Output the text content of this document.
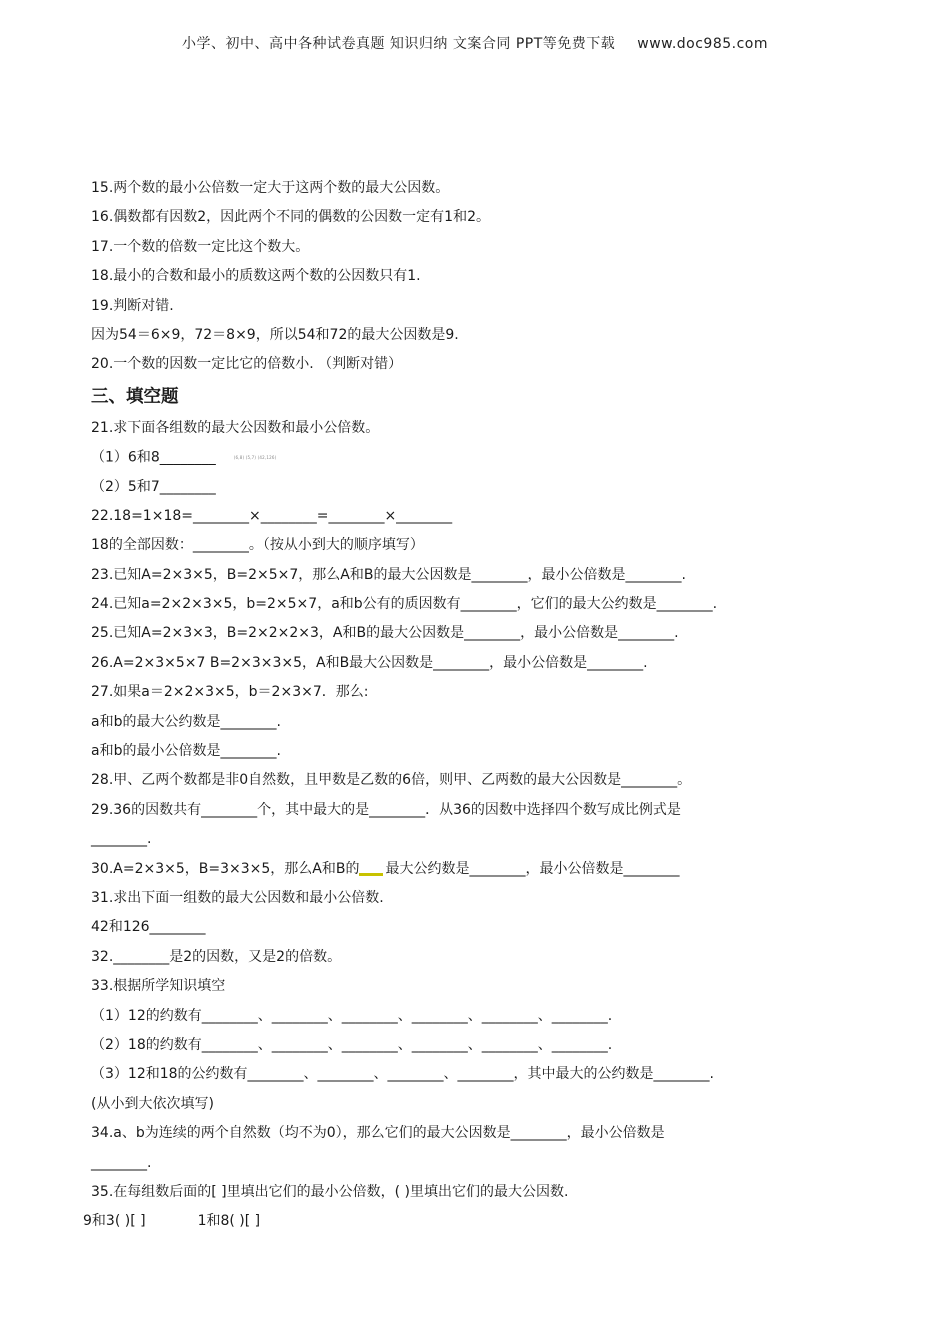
小学、初中、高中各种试卷真题 知识归纳 文案合同 PPT等免费下载 www.doc985.com
15.两个数的最小公倍数一定大于这两个数的最大公因数。
16.偶数都有因数2，因此两个不同的偶数的公因数一定有1和2。
17.一个数的倍数一定比这个数大。
18.最小的合数和最小的质数这两个数的公因数只有1.
19.判断对错.
因为54＝6×9，72＝8×9，所以54和72的最大公因数是9.
20.一个数的因数一定比它的倍数小. （判断对错）
三、填空题
21.求下面各组数的最大公因数和最小公倍数。
（1）6和8________	(6,8) (5,7) (42,126)
（2）5和7________
22.18=1×18=________×________=________×________
18的全部因数：________。（按从小到大的顺序填写）
23.已知A=2×3×5，B=2×5×7，那么A和B的最大公因数是________，最小公倍数是________.
24.已知a=2×2×3×5，b=2×5×7，a和b公有的质因数有________，它们的最大公约数是________.
25.已知A=2×3×3，B=2×2×2×3，A和B的最大公因数是________，最小公倍数是________.
26.A=2×3×5×7 B=2×3×3×5，A和B最大公因数是________，最小公倍数是________.
27.如果a＝2×2×3×5，b＝2×3×7．那么:
a和b的最大公约数是________.
a和b的最小公倍数是________.
28.甲、乙两个数都是非0自然数，且甲数是乙数的6倍，则甲、乙两数的最大公因数是________。
29.36的因数共有________个，其中最大的是________．从36的因数中选择四个数写成比例式是
________.
30.A=2×3×5，B=3×3×5，那么A和B的 最大公约数是________，最小公倍数是________
31.求出下面一组数的最大公因数和最小公倍数.
42和126________
32.________是2的因数，又是2的倍数。
33.根据所学知识填空
（1）12的约数有________、________、________、________、________、________.
（2）18的约数有________、________、________、________、________、________.
（3）12和18的公约数有________、________、________、________，其中最大的公约数是________.
(从小到大依次填写)
34.a、b为连续的两个自然数（均不为0），那么它们的最大公因数是________，最小公倍数是
________.
35.在每组数后面的[ ]里填出它们的最小公倍数，( )里填出它们的最大公因数.
9和3( )[ ]	1和8( )[ ]
